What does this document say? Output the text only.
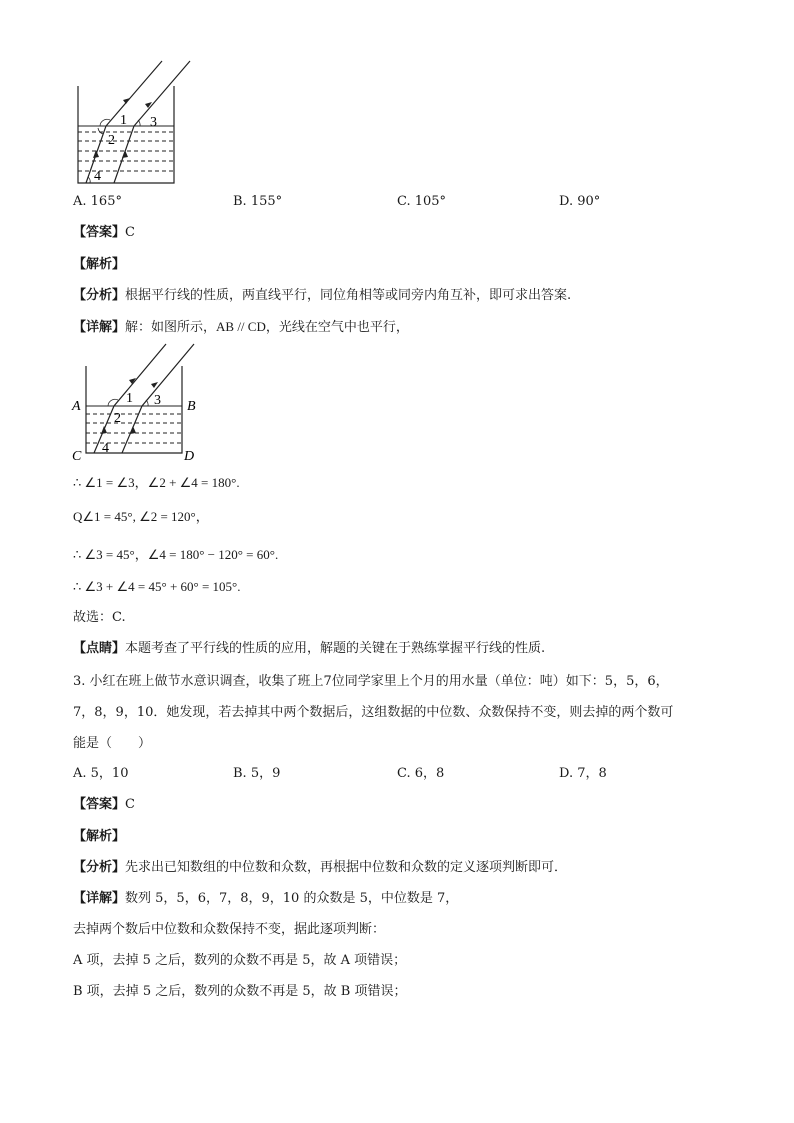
1
2
3
4
A. 165°	B. 155°	C. 105°	D. 90°
【答案】C
【解析】
【分析】根据平行线的性质，两直线平行，同位角相等或同旁内角互补，即可求出答案.
【详解】解：如图所示，AB // CD，光线在空气中也平行，
1
2
3
4
A	B
C	D
∴ ∠1 = ∠3，∠2 + ∠4 = 180°.
Q∠1 = 45°, ∠2 = 120°，
∴ ∠3 = 45°，∠4 = 180° − 120° = 60°.
∴ ∠3 + ∠4 = 45° + 60° = 105°.
故选：C.
【点睛】本题考查了平行线的性质的应用，解题的关键在于熟练掌握平行线的性质.
3. 小红在班上做节水意识调查，收集了班上7位同学家里上个月的用水量（单位：吨）如下：5，5，6，
7，8，9，10．她发现，若去掉其中两个数据后，这组数据的中位数、众数保持不变，则去掉的两个数可
能是（　　）
A. 5，10	B. 5，9	C. 6，8	D. 7，8
【答案】C
【解析】
【分析】先求出已知数组的中位数和众数，再根据中位数和众数的定义逐项判断即可．
【详解】数列 5，5，6，7，8，9，10 的众数是 5，中位数是 7，
去掉两个数后中位数和众数保持不变，据此逐项判断：
A 项，去掉 5 之后，数列的众数不再是 5，故 A 项错误；
B 项，去掉 5 之后，数列的众数不再是 5，故 B 项错误；
